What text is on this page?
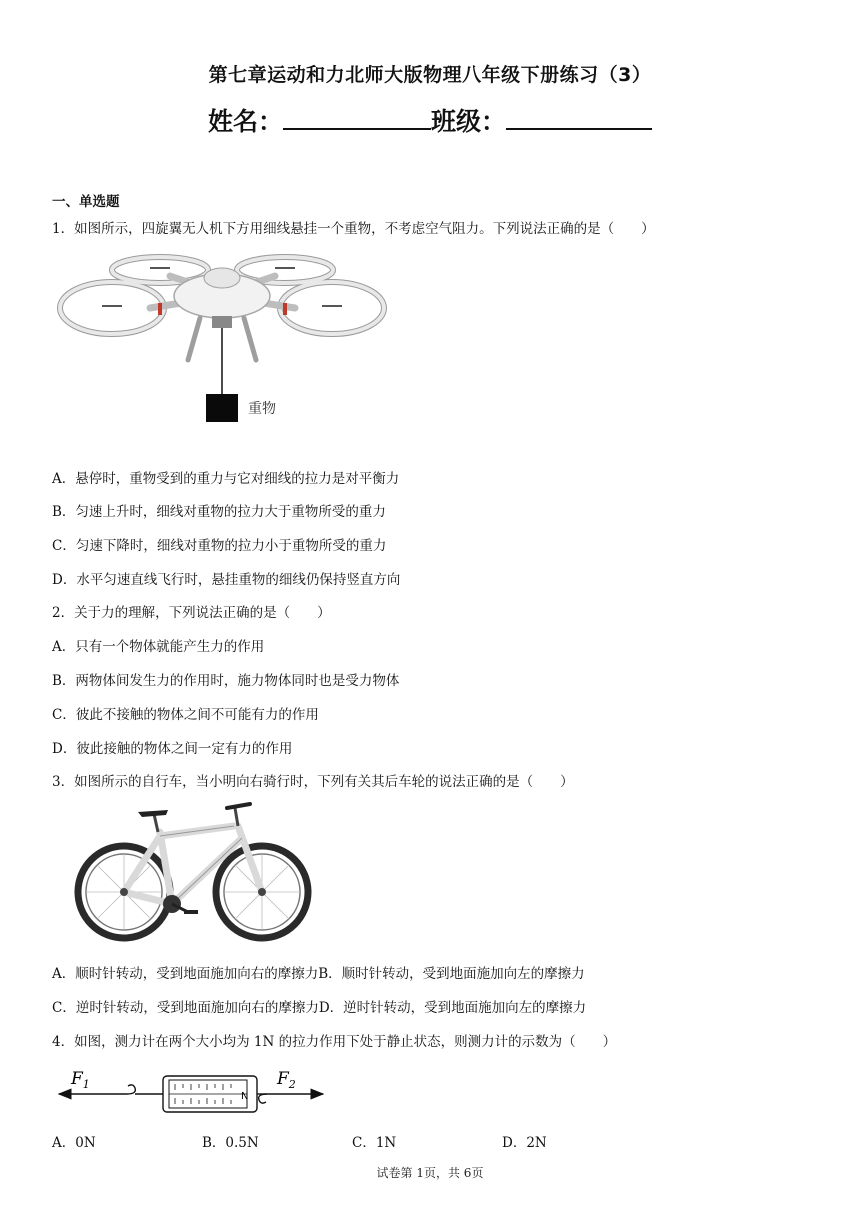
第七章运动和力北师大版物理八年级下册练习（3）
姓名：	班级：
一、单选题
1．如图所示，四旋翼无人机下方用细线悬挂一个重物，不考虑空气阻力。下列说法正确的是（　　）
重物
A．悬停时，重物受到的重力与它对细线的拉力是对平衡力
B．匀速上升时，细线对重物的拉力大于重物所受的重力
C．匀速下降时，细线对重物的拉力小于重物所受的重力
D．水平匀速直线飞行时，悬挂重物的细线仍保持竖直方向
2．关于力的理解，下列说法正确的是（　　）
A．只有一个物体就能产生力的作用
B．两物体间发生力的作用时，施力物体同时也是受力物体
C．彼此不接触的物体之间不可能有力的作用
D．彼此接触的物体之间一定有力的作用
3．如图所示的自行车，当小明向右骑行时，下列有关其后车轮的说法正确的是（　　）
A．顺时针转动，受到地面施加向右的摩擦力B．顺时针转动，受到地面施加向左的摩擦力
C．逆时针转动，受到地面施加向右的摩擦力D．逆时针转动，受到地面施加向左的摩擦力
4．如图，测力计在两个大小均为 1N 的拉力作用下处于静止状态，则测力计的示数为（　　）
N
$F_1$	$F_2$
A．0N	B．0.5N	C．1N	D．2N
试卷第 1页，共 6页
